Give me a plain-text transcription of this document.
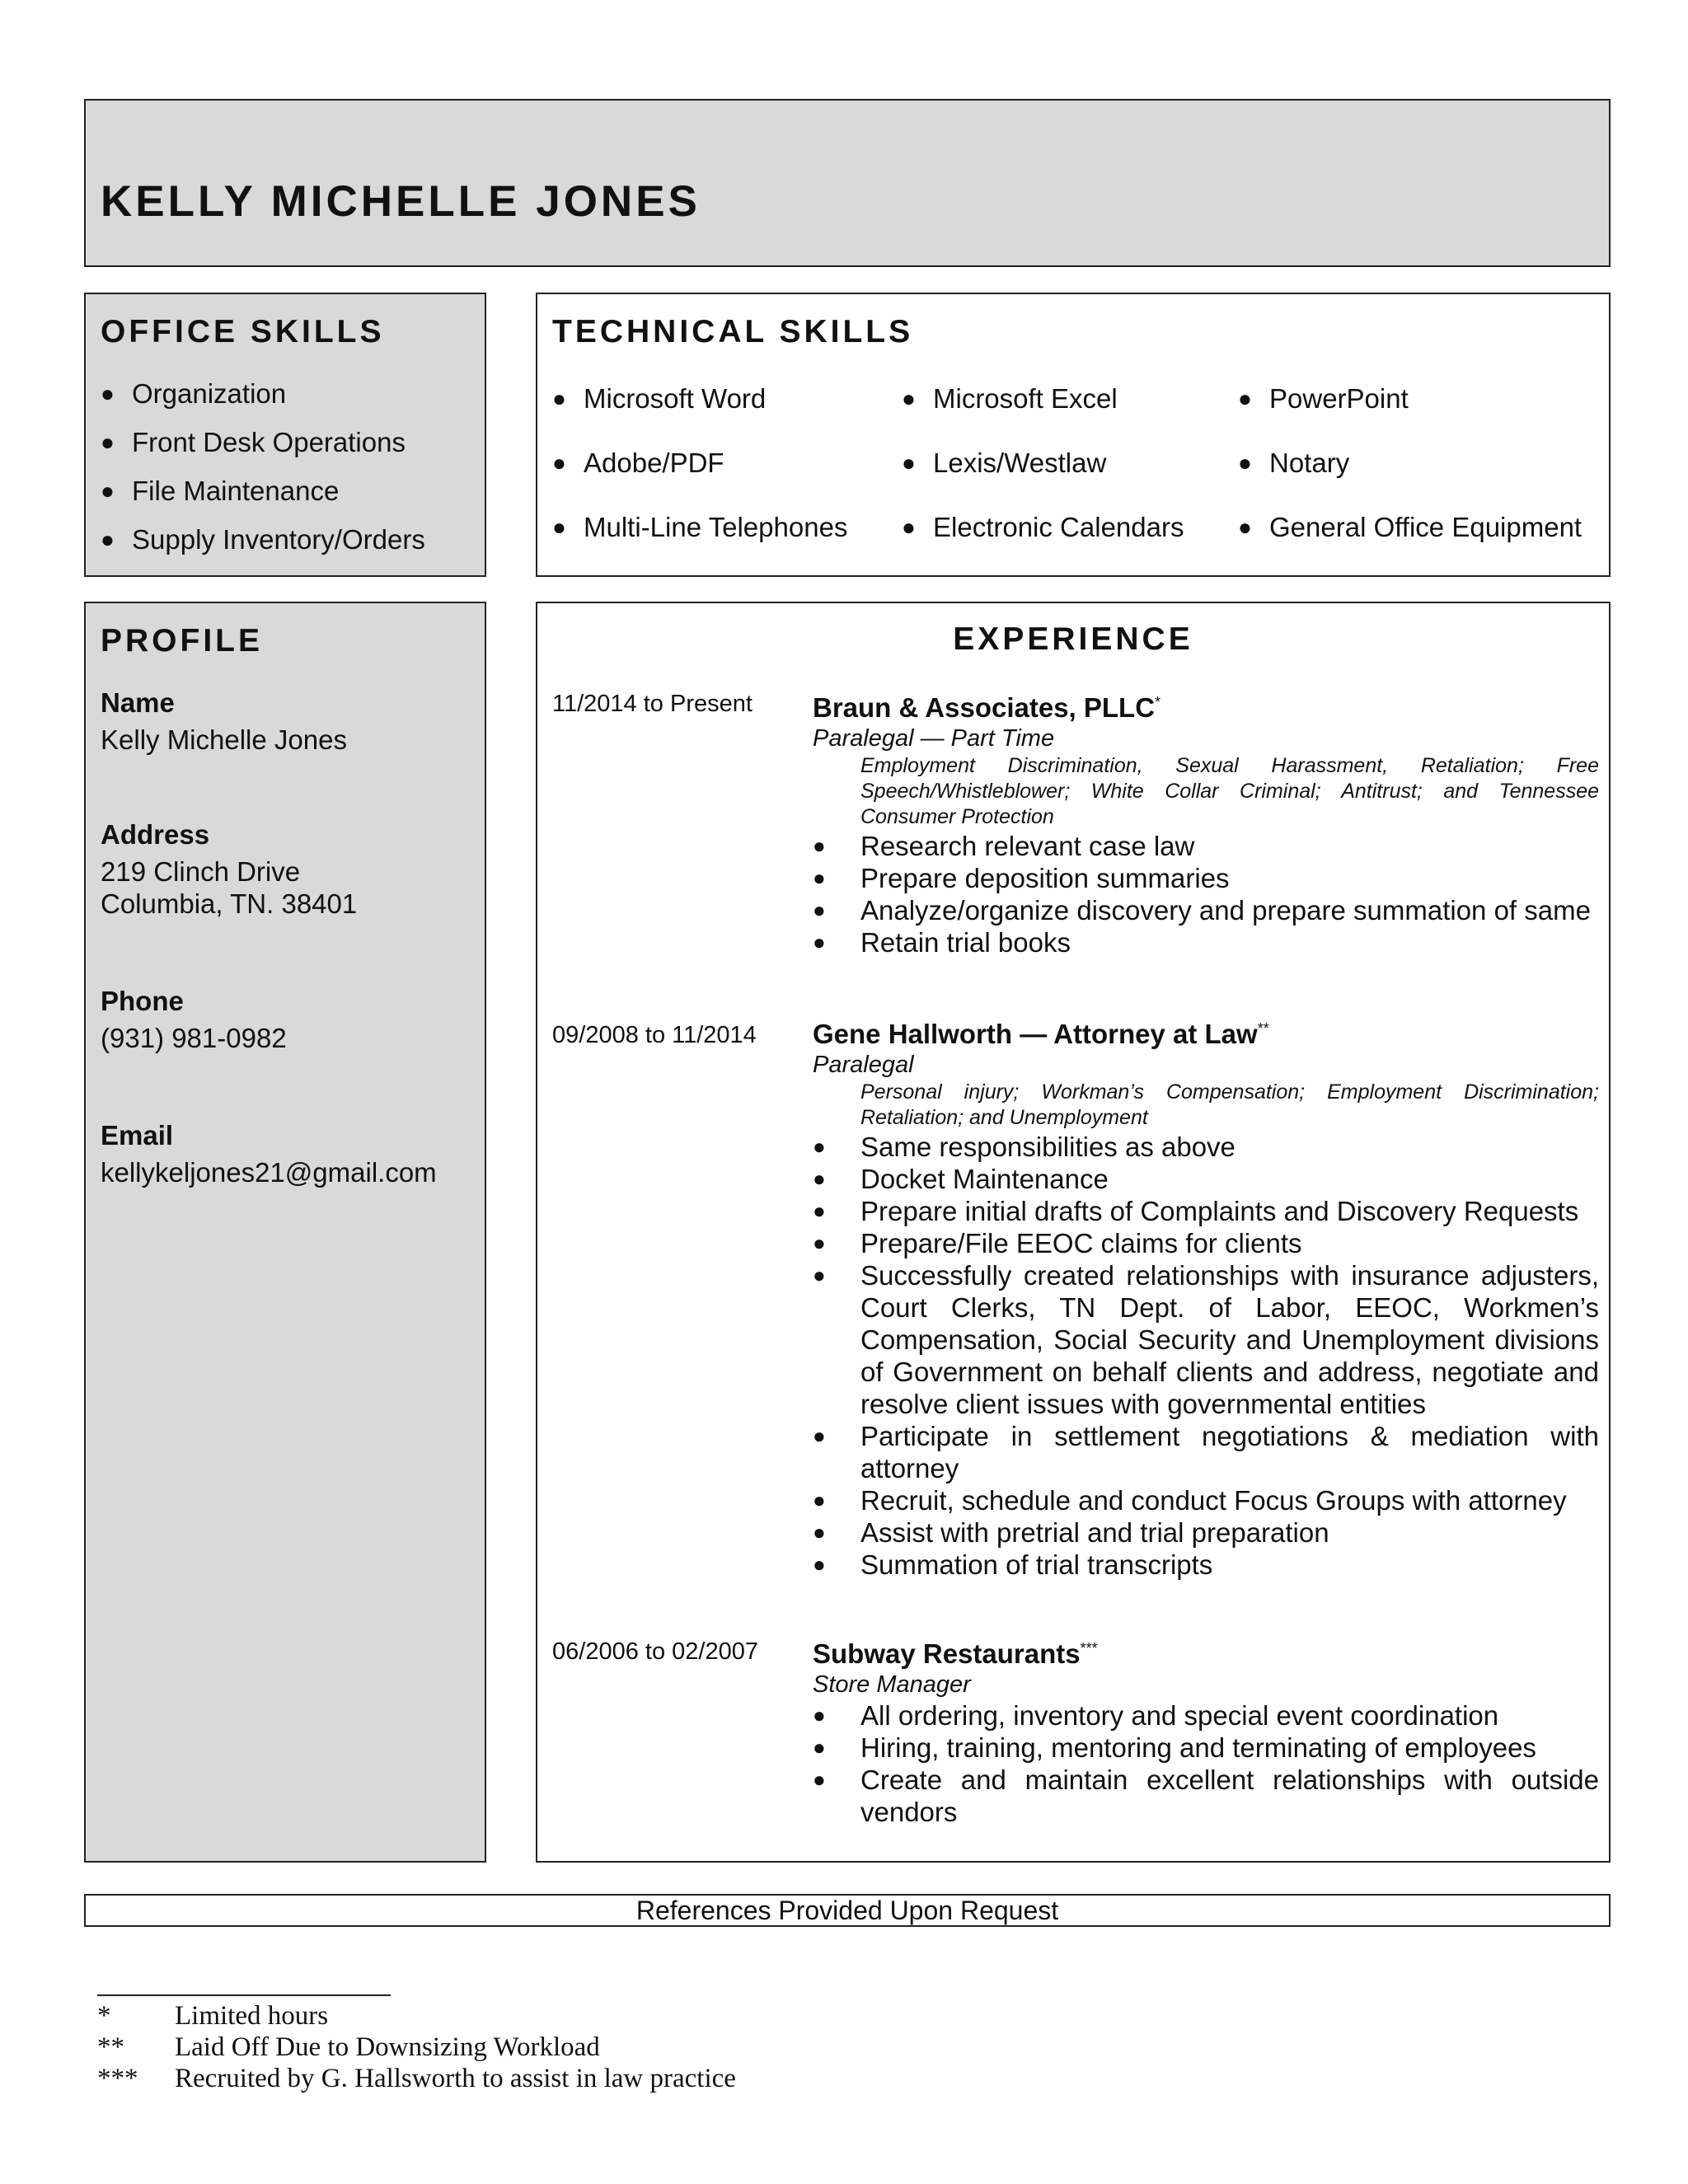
KELLY MICHELLE JONES
OFFICE SKILLS
● Organization
● Front Desk Operations
● File Maintenance
● Supply Inventory/Orders
TECHNICAL SKILLS
● Microsoft Word	● Microsoft Excel	● PowerPoint
● Adobe/PDF	● Lexis/Westlaw	● Notary
● Multi-Line Telephones ● Electronic Calendars ● General Office Equipment
PROFILE
Name
Kelly Michelle Jones
Address
219 Clinch Drive
Columbia, TN. 38401
Phone
(931) 981-0982
Email
kellykeljones21@gmail.com
EXPERIENCE
11/2014 to Present Braun & Associates, PLLC*
Paralegal — Part Time
Employment Discrimination, Sexual Harassment, Retaliation; Free Speech/Whistleblower; White Collar Criminal; Antitrust; and Tennessee Consumer Protection
●	Research relevant case law
●	Prepare deposition summaries
●	Analyze/organize discovery and prepare summation of same
●	Retain trial books
09/2008 to 11/2014 Gene Hallworth — Attorney at Law**
Paralegal
Personal injury; Workman’s Compensation; Employment Discrimination; Retaliation; and Unemployment
●	Same responsibilities as above
●	Docket Maintenance
●	Prepare initial drafts of Complaints and Discovery Requests
●	Prepare/File EEOC claims for clients
●	Successfully created relationships with insurance adjusters, Court Clerks, TN Dept. of Labor, EEOC, Workmen’s Compensation, Social Security and Unemployment divisions of Government on behalf clients and address, negotiate and resolve client issues with governmental entities
●	Participate in settlement negotiations & mediation with attorney
●	Recruit, schedule and conduct Focus Groups with attorney
●	Assist with pretrial and trial preparation
●	Summation of trial transcripts
06/2006 to 02/2007 Subway Restaurants***
Store Manager
●	All ordering, inventory and special event coordination
●	Hiring, training, mentoring and terminating of employees
●	Create and maintain excellent relationships with outside vendors
References Provided Upon Request
*	Limited hours
**	Laid Off Due to Downsizing Workload
***	Recruited by G. Hallsworth to assist in law practice
